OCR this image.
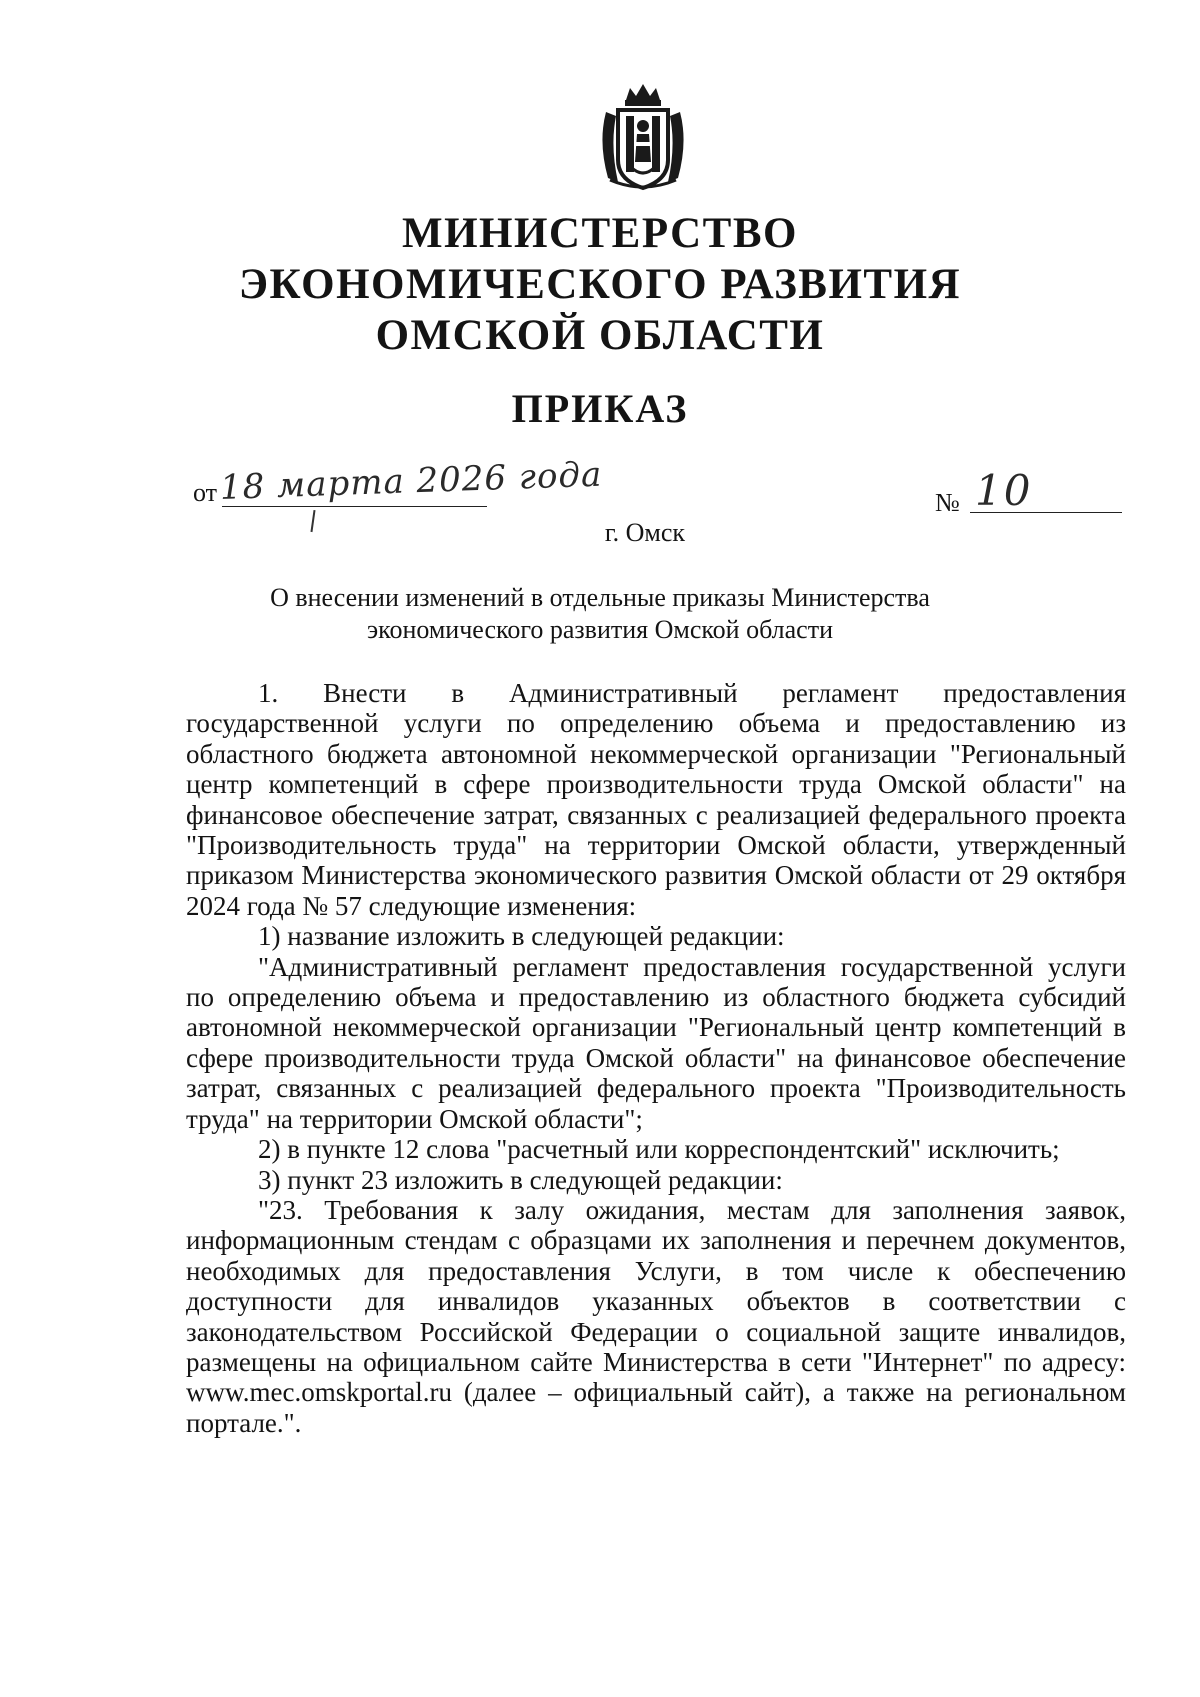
МИНИСТЕРСТВО
ЭКОНОМИЧЕСКОГО РАЗВИТИЯ
ОМСКОЙ ОБЛАСТИ
ПРИКАЗ
от 18 марта 2026 года	№ 10
г. Омск
О внесении изменений в отдельные приказы Министерства
экономического развития Омской области

1. Внести в Административный регламент предоставления государственной услуги по определению объема и предоставлению из областного бюджета автономной некоммерческой организации "Региональный центр компетенций в сфере производительности труда Омской области" на финансовое обеспечение затрат, связанных с реализацией федерального проекта "Производительность труда" на территории Омской области, утвержденный приказом Министерства экономического развития Омской области от 29 октября 2024 года № 57 следующие изменения:

1) название изложить в следующей редакции:

"Административный регламент предоставления государственной услуги по определению объема и предоставлению из областного бюджета субсидий автономной некоммерческой организации "Региональный центр компетенций в сфере производительности труда Омской области" на финансовое обеспечение затрат, связанных с реализацией федерального проекта "Производительность труда" на территории Омской области";

2) в пункте 12 слова "расчетный или корреспондентский" исключить;

3) пункт 23 изложить в следующей редакции:

"23. Требования к залу ожидания, местам для заполнения заявок, информационным стендам с образцами их заполнения и перечнем документов, необходимых для предоставления Услуги, в том числе к обеспечению доступности для инвалидов указанных объектов в соответствии с законодательством Российской Федерации о социальной защите инвалидов, размещены на официальном сайте Министерства в сети "Интернет" по адресу: www.mec.omskportal.ru (далее – официальный сайт), а также на региональном портале.".
